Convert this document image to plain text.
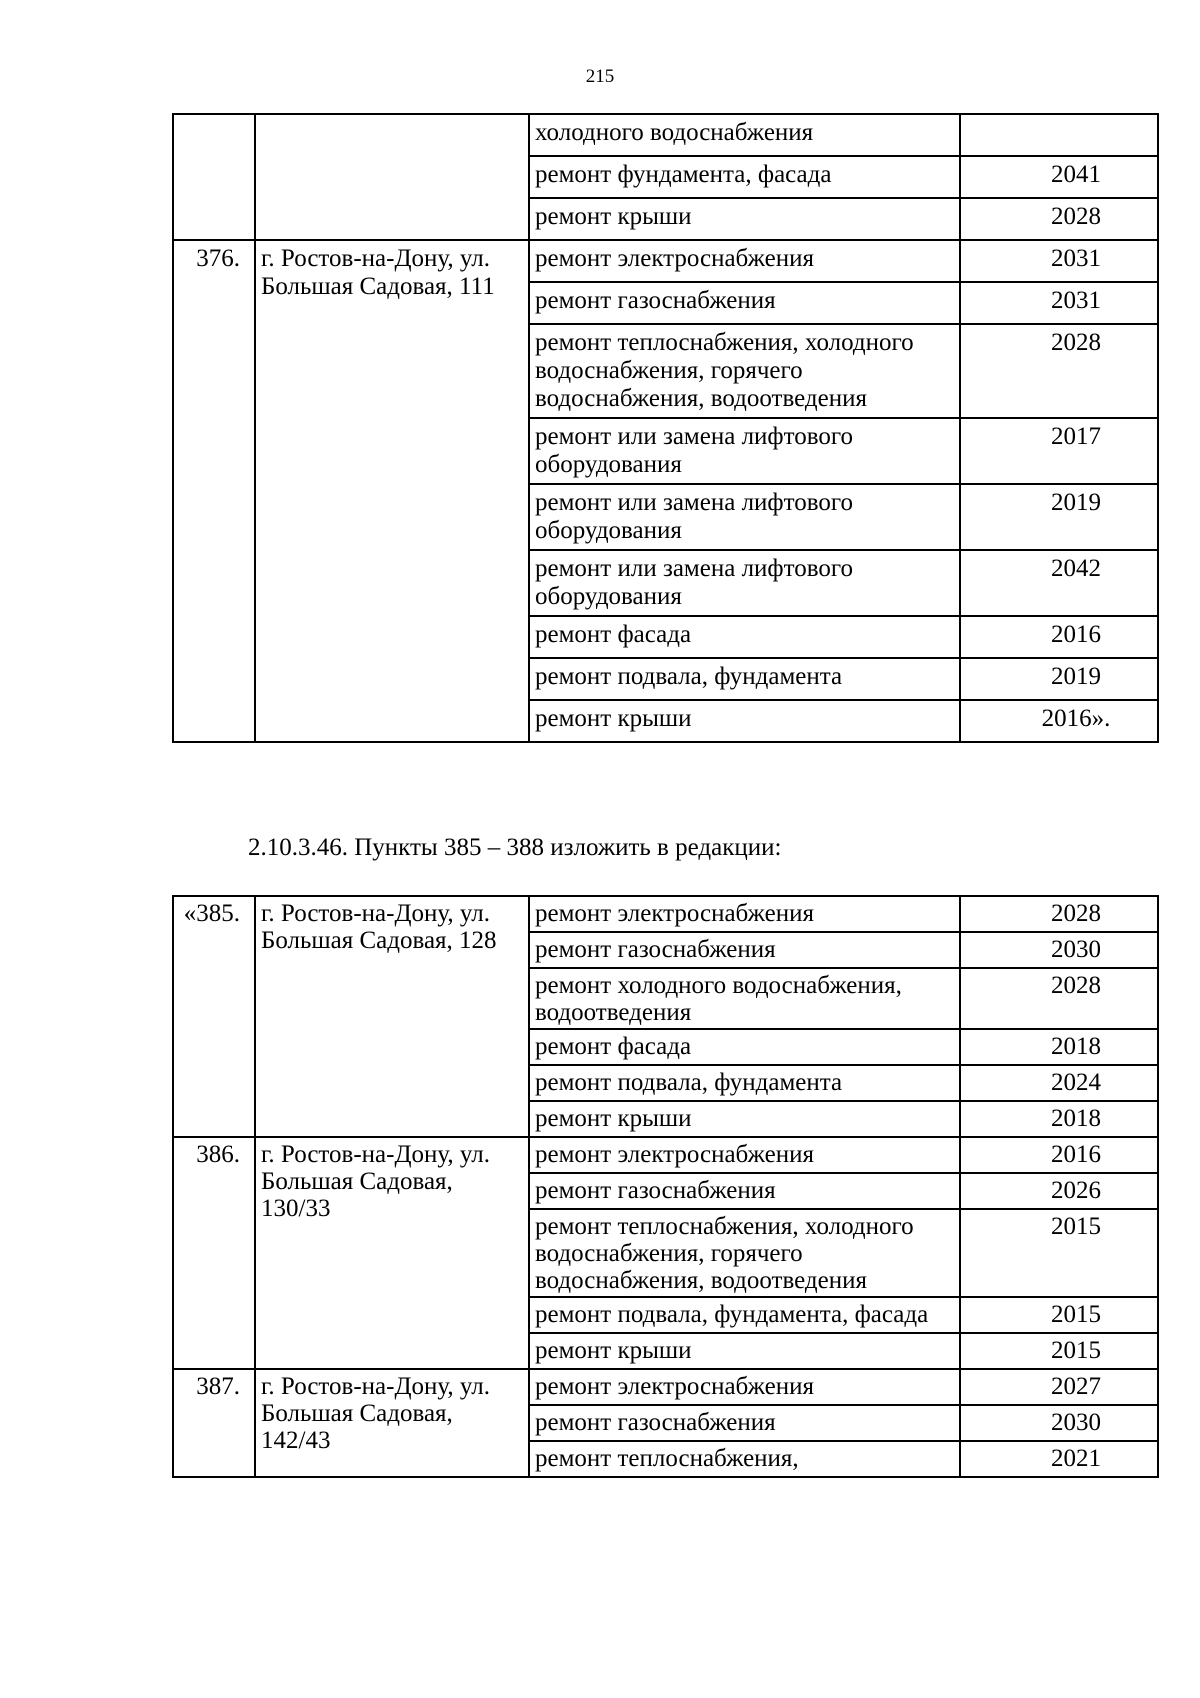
215
		холодного водоснабжения	
		ремонт фундамента, фасада	2041
		ремонт крыши	2028
376.	г. Ростов-на-Дону, ул. Большая Садовая, 111	ремонт электроснабжения	2031
		ремонт газоснабжения	2031
		ремонт теплоснабжения, холодного водоснабжения, горячего водоснабжения, водоотведения	2028
		ремонт или замена лифтового оборудования	2017
		ремонт или замена лифтового оборудования	2019
		ремонт или замена лифтового оборудования	2042
		ремонт фасада	2016
		ремонт подвала, фундамента	2019
		ремонт крыши	2016».
2.10.3.46. Пункты 385 – 388 изложить в редакции:
«385.	г. Ростов-на-Дону, ул. Большая Садовая, 128	ремонт электроснабжения	2028
		ремонт газоснабжения	2030
		ремонт холодного водоснабжения, водоотведения	2028
		ремонт фасада	2018
		ремонт подвала, фундамента	2024
		ремонт крыши	2018
386.	г. Ростов-на-Дону, ул. Большая Садовая, 130/33	ремонт электроснабжения	2016
		ремонт газоснабжения	2026
		ремонт теплоснабжения, холодного водоснабжения, горячего водоснабжения, водоотведения	2015
		ремонт подвала, фундамента, фасада	2015
		ремонт крыши	2015
387.	г. Ростов-на-Дону, ул. Большая Садовая, 142/43	ремонт электроснабжения	2027
		ремонт газоснабжения	2030
		ремонт теплоснабжения,	2021
